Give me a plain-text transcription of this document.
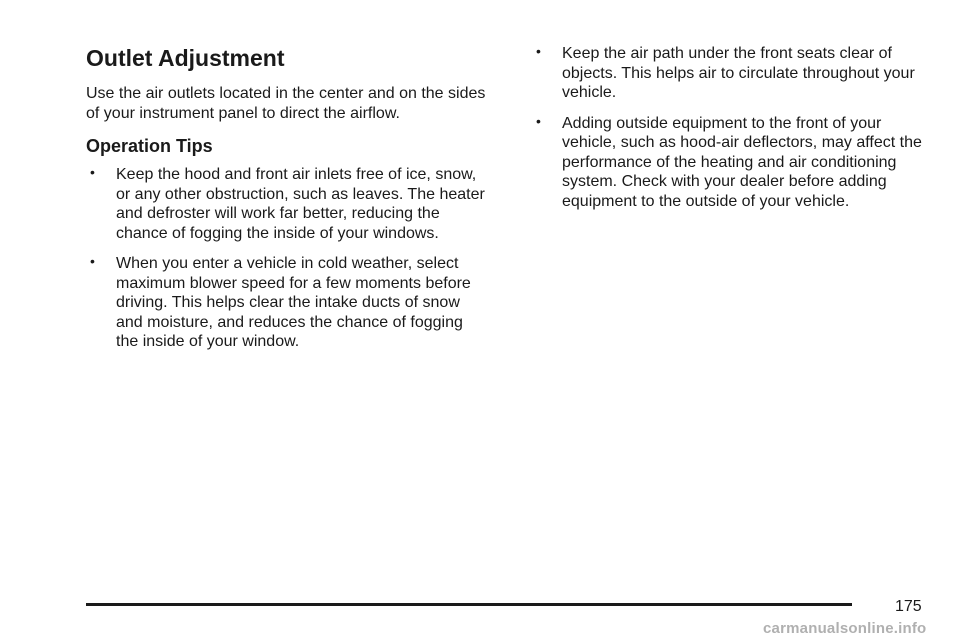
Outlet Adjustment

Use the air outlets located in the center and on the sides of your instrument panel to direct the airflow.

Operation Tips
• Keep the hood and front air inlets free of ice, snow, or any other obstruction, such as leaves. The heater and defroster will work far better, reducing the chance of fogging the inside of your windows.
• When you enter a vehicle in cold weather, select maximum blower speed for a few moments before driving. This helps clear the intake ducts of snow and moisture, and reduces the chance of fogging the inside of your window.
• Keep the air path under the front seats clear of objects. This helps air to circulate throughout your vehicle.
• Adding outside equipment to the front of your vehicle, such as hood-air deflectors, may affect the performance of the heating and air conditioning system. Check with your dealer before adding equipment to the outside of your vehicle.
175
carmanualsonline.info
